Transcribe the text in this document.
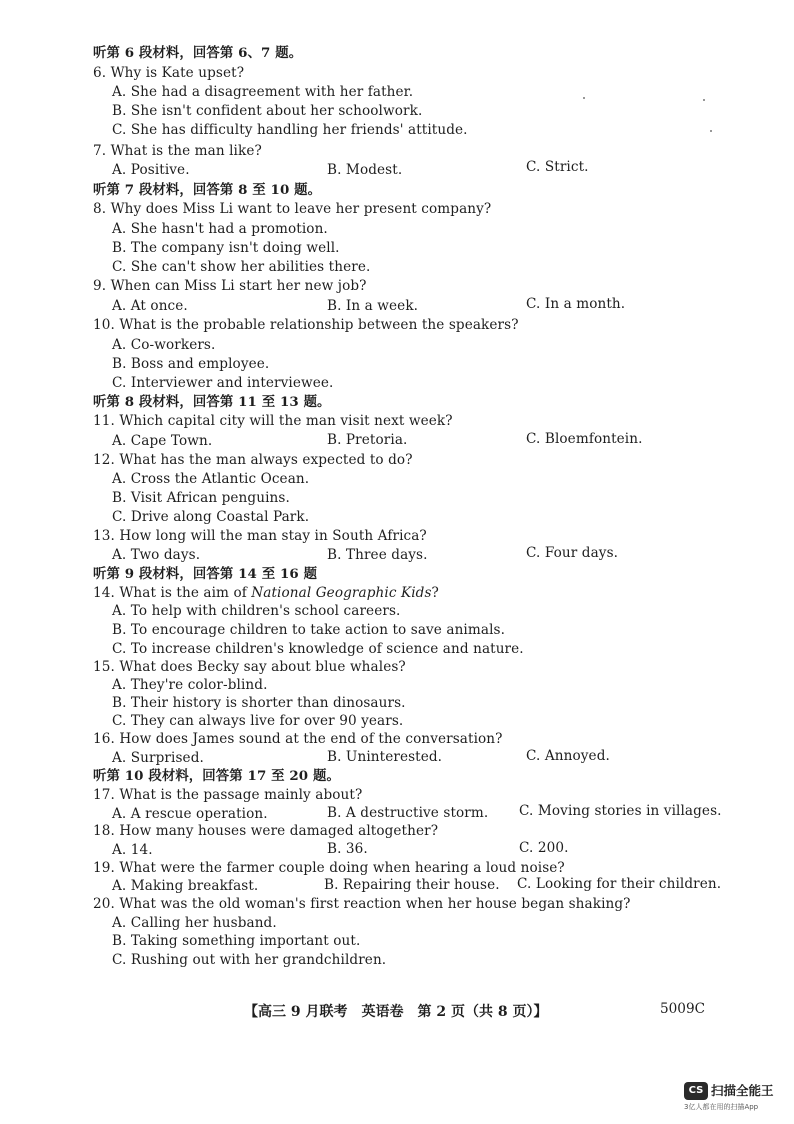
听第 6 段材料，回答第 6、7 题。
6. Why is Kate upset?
A. She had a disagreement with her father.
B. She isn't confident about her schoolwork.
C. She has difficulty handling her friends' attitude.
7. What is the man like?
A. Positive.	B. Modest.	C. Strict.
听第 7 段材料，回答第 8 至 10 题。
8. Why does Miss Li want to leave her present company?
A. She hasn't had a promotion.
B. The company isn't doing well.
C. She can't show her abilities there.
9. When can Miss Li start her new job?
A. At once.	B. In a week.	C. In a month.
10. What is the probable relationship between the speakers?
A. Co-workers.
B. Boss and employee.
C. Interviewer and interviewee.
听第 8 段材料，回答第 11 至 13 题。
11. Which capital city will the man visit next week?
A. Cape Town.	B. Pretoria.	C. Bloemfontein.
12. What has the man always expected to do?
A. Cross the Atlantic Ocean.
B. Visit African penguins.
C. Drive along Coastal Park.
13. How long will the man stay in South Africa?
A. Two days.	B. Three days.	C. Four days.
听第 9 段材料，回答第 14 至 16 题
14. What is the aim of National Geographic Kids?
A. To help with children's school careers.
B. To encourage children to take action to save animals.
C. To increase children's knowledge of science and nature.
15. What does Becky say about blue whales?
A. They're color-blind.
B. Their history is shorter than dinosaurs.
C. They can always live for over 90 years.
16. How does James sound at the end of the conversation?
A. Surprised.	B. Uninterested.	C. Annoyed.
听第 10 段材料，回答第 17 至 20 题。
17. What is the passage mainly about?
A. A rescue operation.	B. A destructive storm. C. Moving stories in villages.
18. How many houses were damaged altogether?
A. 14.	B. 36.	C. 200.
19. What were the farmer couple doing when hearing a loud noise?
A. Making breakfast.	B. Repairing their house. C. Looking for their children.
20. What was the old woman's first reaction when her house began shaking?
A. Calling her husband.
B. Taking something important out.
C. Rushing out with her grandchildren.
【高三 9 月联考　英语卷　第 2 页（共 8 页）】	5009C
CS 扫描全能王
3亿人都在用的扫描App
